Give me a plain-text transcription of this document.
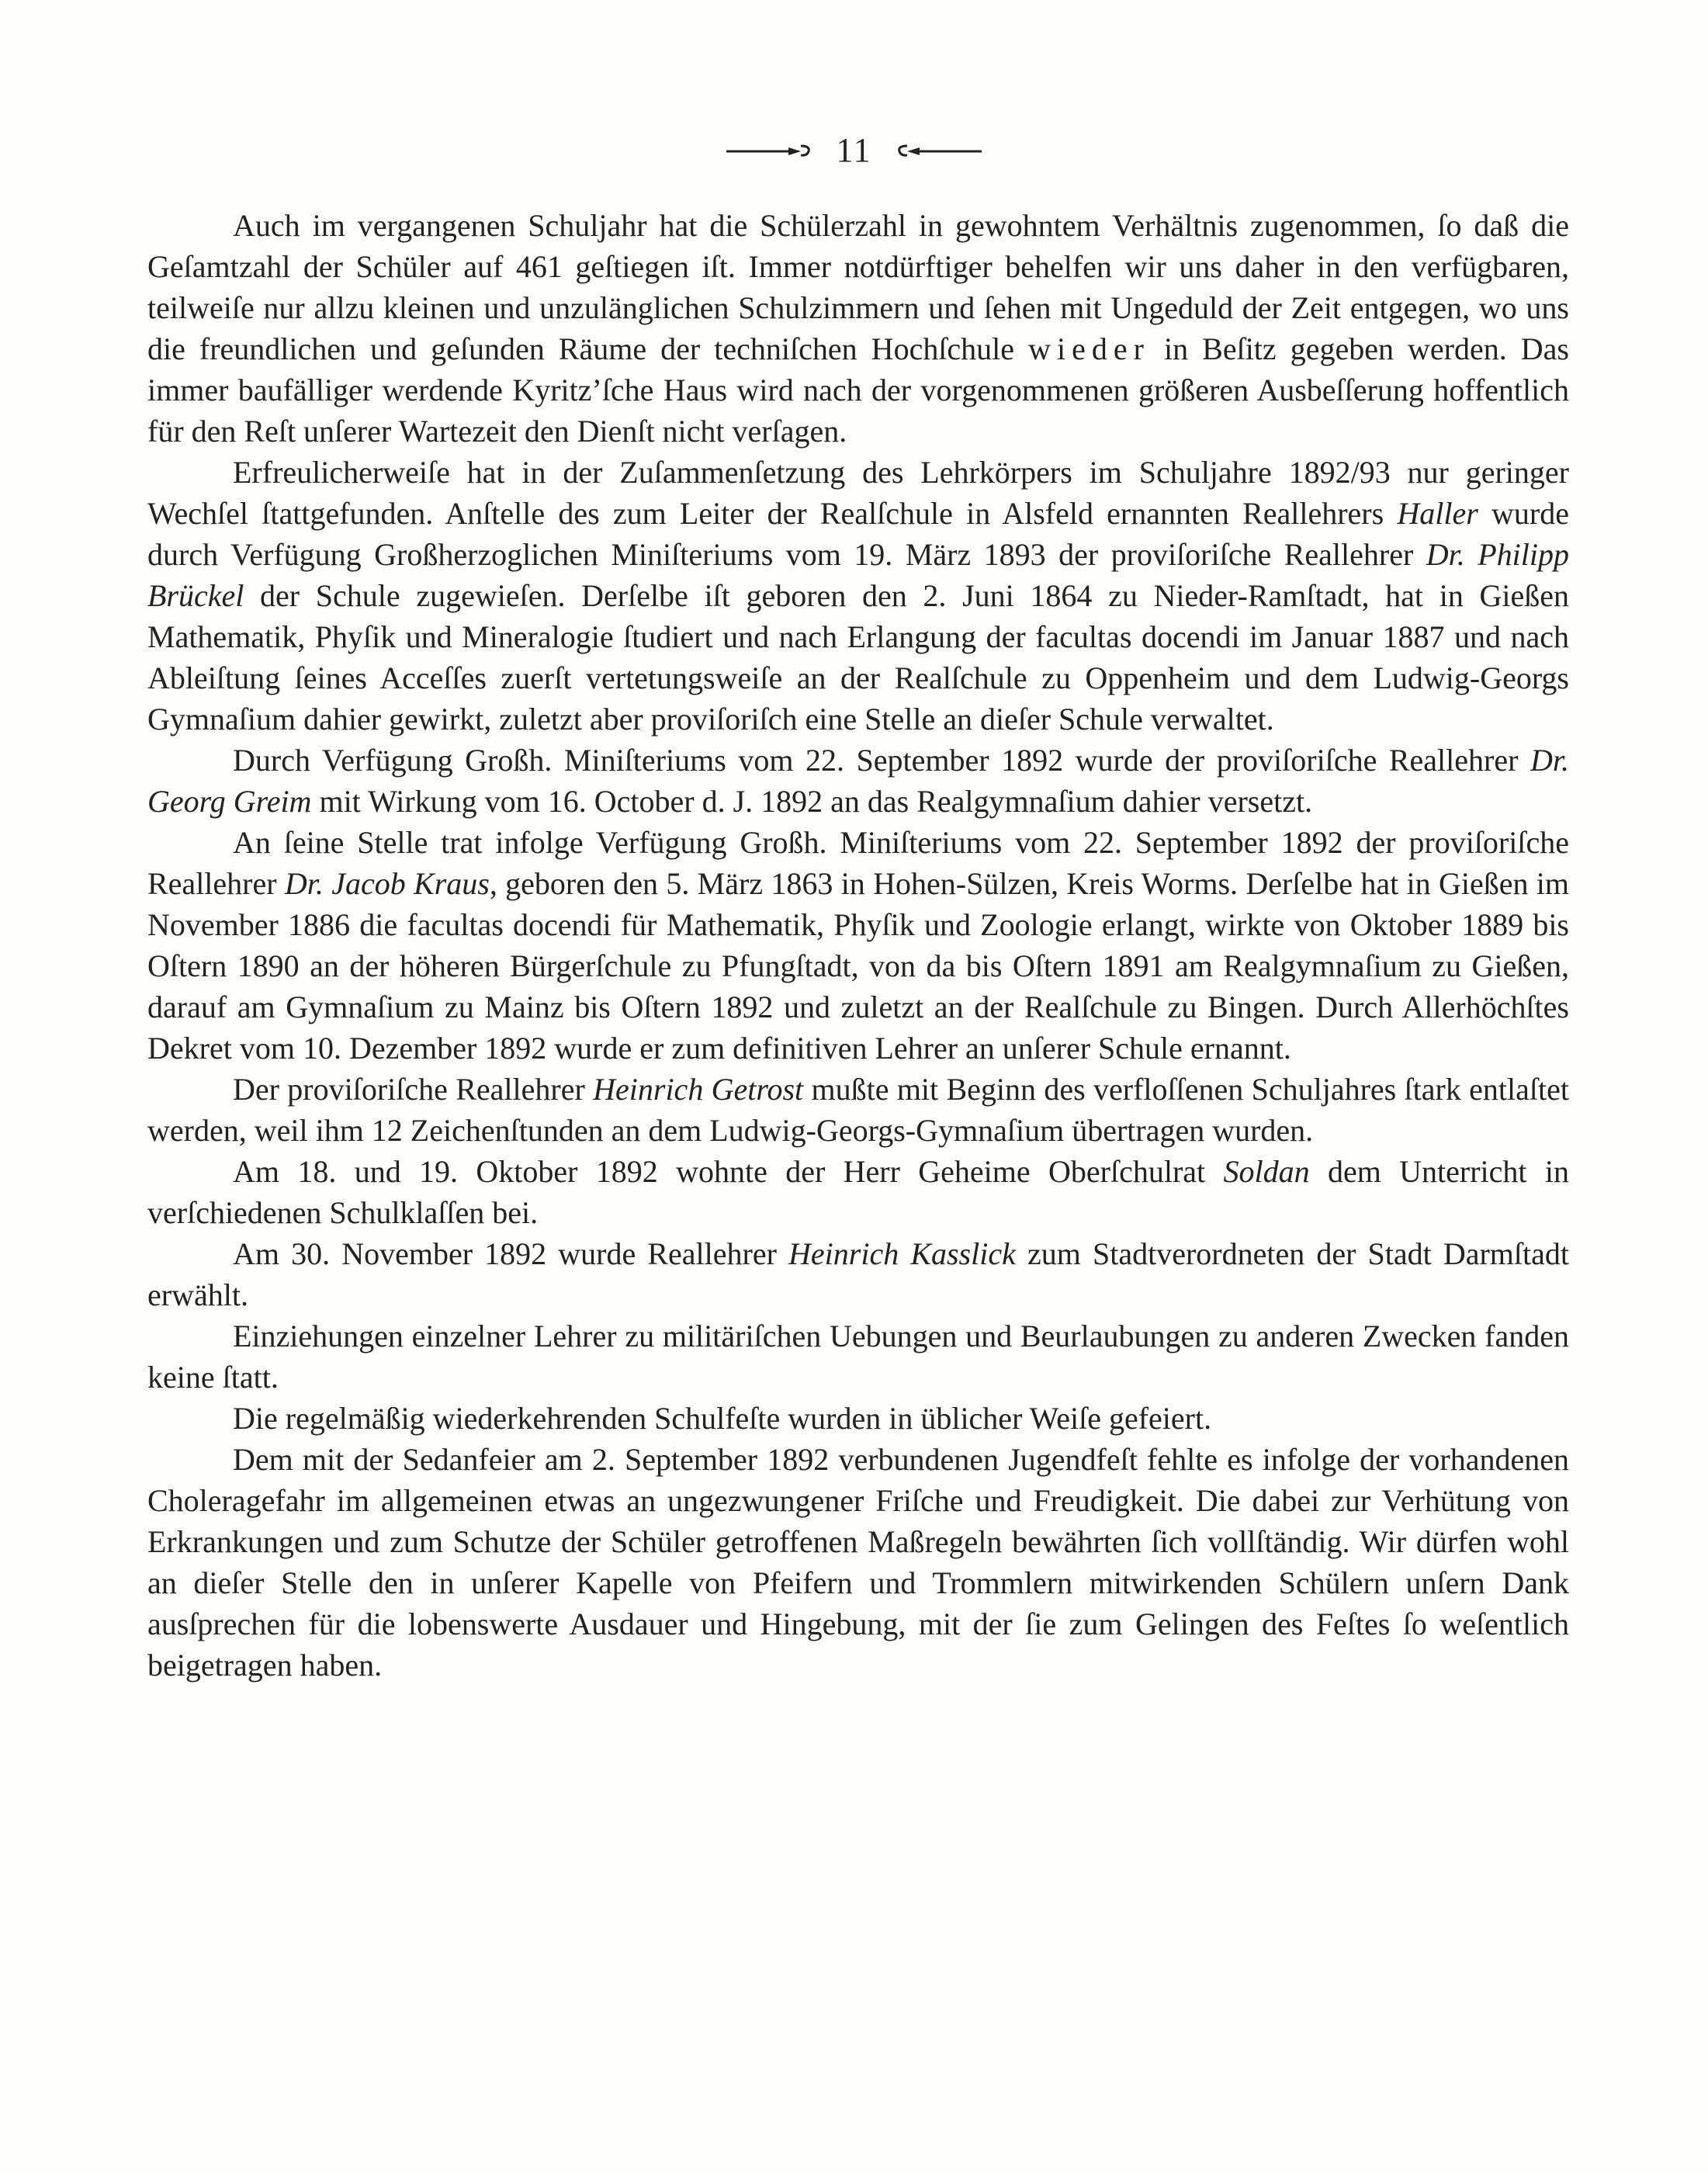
11

Auch im vergangenen Schuljahr hat die Schülerzahl in gewohntem Verhältnis zugenommen, ſo daß die Geſamtzahl der Schüler auf 461 geſtiegen iſt. Immer notdürftiger behelfen wir uns daher in den verfügbaren, teilweiſe nur allzu kleinen und unzulänglichen Schulzimmern und ſehen mit Ungeduld der Zeit entgegen, wo uns die freundlichen und geſunden Räume der techniſchen Hochſchule wieder in Beſitz gegeben werden. Das immer baufälliger werdende Kyritz’ſche Haus wird nach der vorgenommenen größeren Ausbeſſerung hoffentlich für den Reſt unſerer Wartezeit den Dienſt nicht verſagen.

Erfreulicherweiſe hat in der Zuſammenſetzung des Lehrkörpers im Schuljahre 1892/93 nur geringer Wechſel ſtattgefunden. Anſtelle des zum Leiter der Realſchule in Alsfeld ernannten Reallehrers Haller wurde durch Verfügung Großherzoglichen Miniſteriums vom 19. März 1893 der proviſoriſche Reallehrer Dr. Philipp Brückel der Schule zugewieſen. Derſelbe iſt geboren den 2. Juni 1864 zu Nieder-Ramſtadt, hat in Gießen Mathematik, Phyſik und Mineralogie ſtudiert und nach Erlangung der facultas docendi im Januar 1887 und nach Ableiſtung ſeines Acceſſes zuerſt vertetungsweiſe an der Realſchule zu Oppenheim und dem Ludwig-Georgs Gymnaſium dahier gewirkt, zuletzt aber proviſoriſch eine Stelle an dieſer Schule verwaltet.

Durch Verfügung Großh. Miniſteriums vom 22. September 1892 wurde der proviſoriſche Reallehrer Dr. Georg Greim mit Wirkung vom 16. October d. J. 1892 an das Realgymnaſium dahier versetzt.

An ſeine Stelle trat infolge Verfügung Großh. Miniſteriums vom 22. September 1892 der proviſoriſche Reallehrer Dr. Jacob Kraus, geboren den 5. März 1863 in Hohen-Sülzen, Kreis Worms. Derſelbe hat in Gießen im November 1886 die facultas docendi für Mathematik, Phyſik und Zoologie erlangt, wirkte von Oktober 1889 bis Oſtern 1890 an der höheren Bürgerſchule zu Pfungſtadt, von da bis Oſtern 1891 am Realgymnaſium zu Gießen, darauf am Gymnaſium zu Mainz bis Oſtern 1892 und zuletzt an der Realſchule zu Bingen. Durch Allerhöchſtes Dekret vom 10. Dezember 1892 wurde er zum definitiven Lehrer an unſerer Schule ernannt.

Der proviſoriſche Reallehrer Heinrich Getrost mußte mit Beginn des verfloſſenen Schuljahres ſtark entlaſtet werden, weil ihm 12 Zeichenſtunden an dem Ludwig-Georgs-Gymnaſium übertragen wurden.

Am 18. und 19. Oktober 1892 wohnte der Herr Geheime Oberſchulrat Soldan dem Unterricht in verſchiedenen Schulklaſſen bei.

Am 30. November 1892 wurde Reallehrer Heinrich Kasslick zum Stadtverordneten der Stadt Darmſtadt erwählt.

Einziehungen einzelner Lehrer zu militäriſchen Uebungen und Beurlaubungen zu anderen Zwecken fanden keine ſtatt.

Die regelmäßig wiederkehrenden Schulfeſte wurden in üblicher Weiſe gefeiert.

Dem mit der Sedanfeier am 2. September 1892 verbundenen Jugendfeſt fehlte es infolge der vorhandenen Choleragefahr im allgemeinen etwas an ungezwungener Friſche und Freudigkeit. Die dabei zur Verhütung von Erkrankungen und zum Schutze der Schüler getroffenen Maßregeln bewährten ſich vollſtändig. Wir dürfen wohl an dieſer Stelle den in unſerer Kapelle von Pfeifern und Trommlern mitwirkenden Schülern unſern Dank ausſprechen für die lobenswerte Ausdauer und Hingebung, mit der ſie zum Gelingen des Feſtes ſo weſentlich beigetragen haben.
